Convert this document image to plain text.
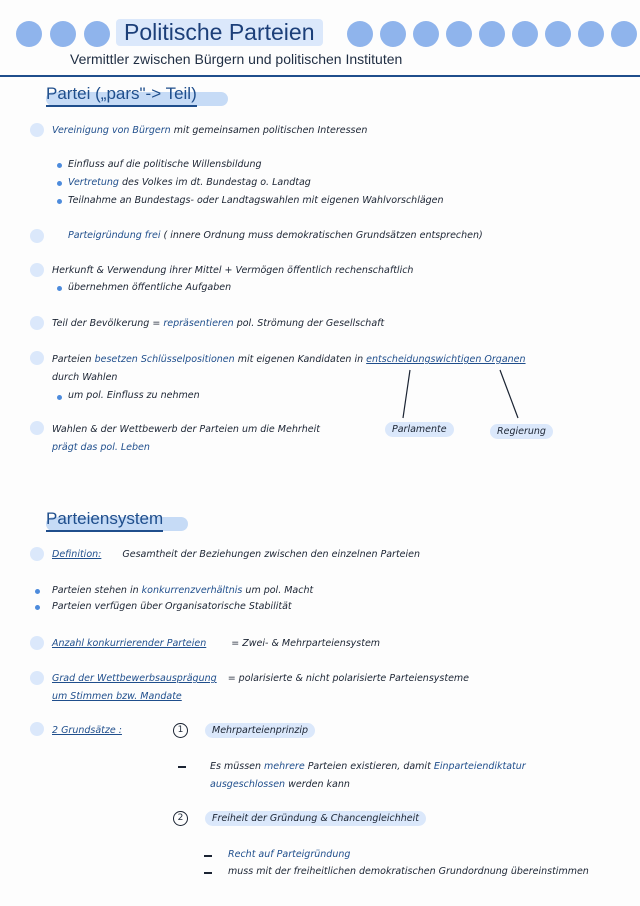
Politische Parteien
Vermittler zwischen Bürgern und politischen Instituten
Partei („pars"-> Teil)
Vereinigung von Bürgern mit gemeinsamen politischen Interessen
Einfluss auf die politische Willensbildung
Vertretung des Volkes im dt. Bundestag o. Landtag
Teilnahme an Bundestags- oder Landtagswahlen mit eigenen Wahlvorschlägen
Parteigründung frei ( innere Ordnung muss demokratischen Grundsätzen entsprechen)
Herkunft & Verwendung ihrer Mittel + Vermögen öffentlich rechenschaftlich
übernehmen öffentliche Aufgaben
Teil der Bevölkerung = repräsentieren pol. Strömung der Gesellschaft
Parteien besetzen Schlüsselpositionen mit eigenen Kandidaten in entscheidungswichtigen Organen
durch Wahlen
um pol. Einfluss zu nehmen
Wahlen & der Wettbewerb der Parteien um die Mehrheit
prägt das pol. Leben
Parlamente	Regierung
Parteiensystem
Definition: Gesamtheit der Beziehungen zwischen den einzelnen Parteien
Parteien stehen in konkurrenzverhältnis um pol. Macht
Parteien verfügen über Organisatorische Stabilität
Anzahl konkurrierender Parteien	= Zwei- & Mehrparteiensystem
Grad der Wettbewerbsausprägung = polarisierte & nicht polarisierte Parteiensysteme
um Stimmen bzw. Mandate
2 Grundsätze :	1	Mehrparteienprinzip
Es müssen mehrere Parteien existieren, damit Einparteiendiktatur
ausgeschlossen werden kann
2	Freiheit der Gründung & Chancengleichheit
Recht auf Parteigründung
muss mit der freiheitlichen demokratischen Grundordnung übereinstimmen
